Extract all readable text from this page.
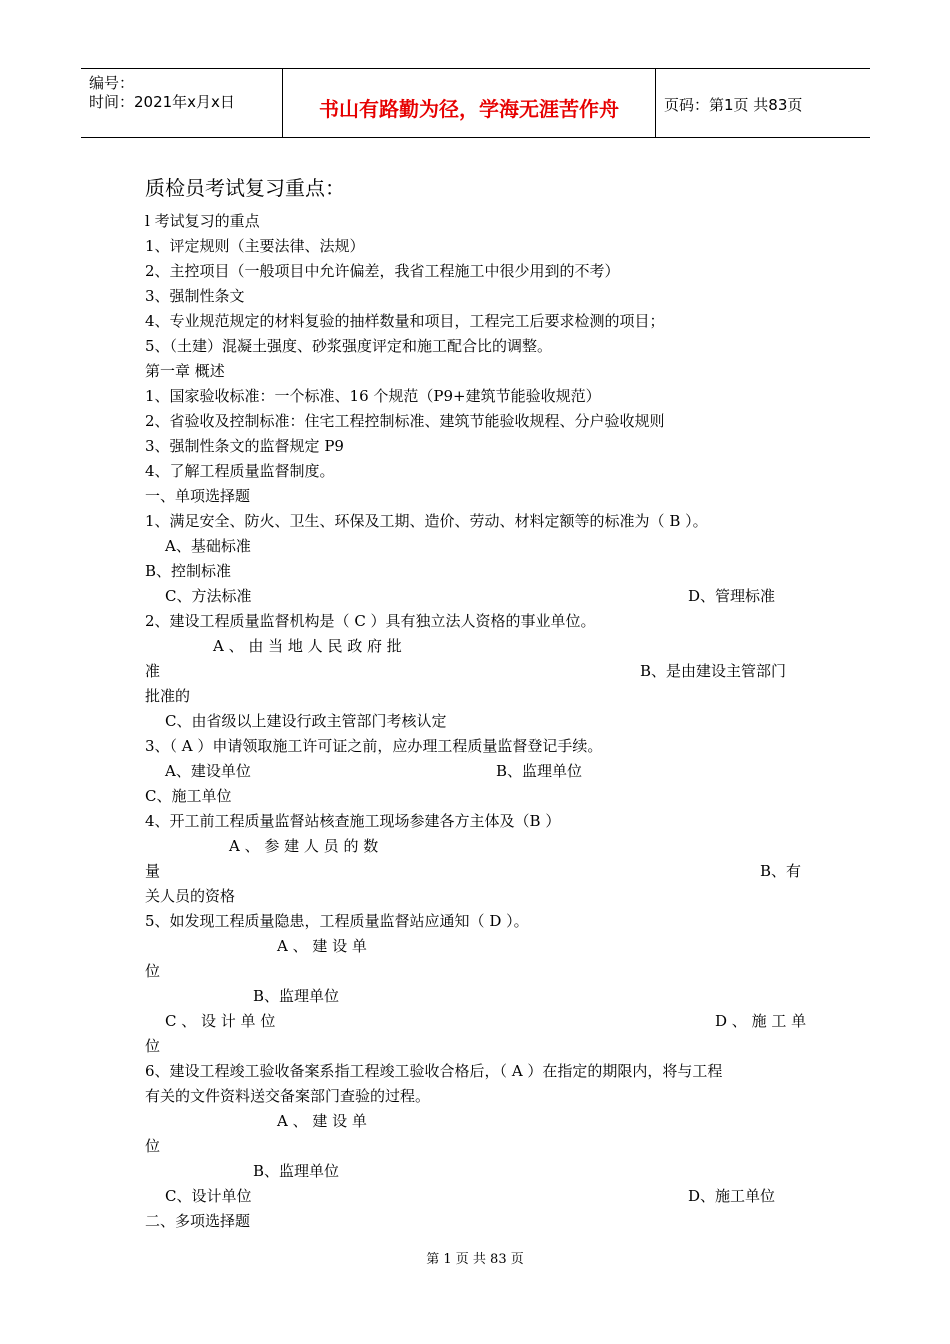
编号：
时间：2021年x月x日	书山有路勤为径，学海无涯苦作舟	页码：第1页 共83页
质检员考试复习重点：
l 考试复习的重点
1、评定规则（主要法律、法规）
2、主控项目（一般项目中允许偏差，我省工程施工中很少用到的不考）
3、强制性条文
4、专业规范规定的材料复验的抽样数量和项目，工程完工后要求检测的项目；
5、（土建）混凝土强度、砂浆强度评定和施工配合比的调整。
第一章 概述
1、国家验收标准：一个标准、16 个规范（P9+建筑节能验收规范）
2、省验收及控制标准：住宅工程控制标准、建筑节能验收规程、分户验收规则
3、强制性条文的监督规定 P9
4、了解工程质量监督制度。
一、单项选择题
1、满足安全、防火、卫生、环保及工期、造价、劳动、材料定额等的标准为（ B ）。
A、基础标准
B、控制标准
C、方法标准	D、管理标准
2、建设工程质量监督机构是（ C ）具有独立法人资格的事业单位。
A 、 由 当 地 人 民 政 府 批
准	B、是由建设主管部门
批准的
C、由省级以上建设行政主管部门考核认定
3、（ A ）申请领取施工许可证之前，应办理工程质量监督登记手续。
A、建设单位	B、监理单位
C、施工单位
4、开工前工程质量监督站核查施工现场参建各方主体及（B ）
A 、 参 建 人 员 的 数
量	B、有
关人员的资格
5、如发现工程质量隐患，工程质量监督站应通知（ D ）。
A 、 建 设 单
位
B、监理单位
C 、 设 计 单 位	D 、 施 工 单
位
6、建设工程竣工验收备案系指工程竣工验收合格后，（ A ）在指定的期限内，将与工程
有关的文件资料送交备案部门查验的过程。
A 、 建 设 单
位
B、监理单位
C、设计单位	D、施工单位
二、多项选择题
第 1 页 共 83 页
